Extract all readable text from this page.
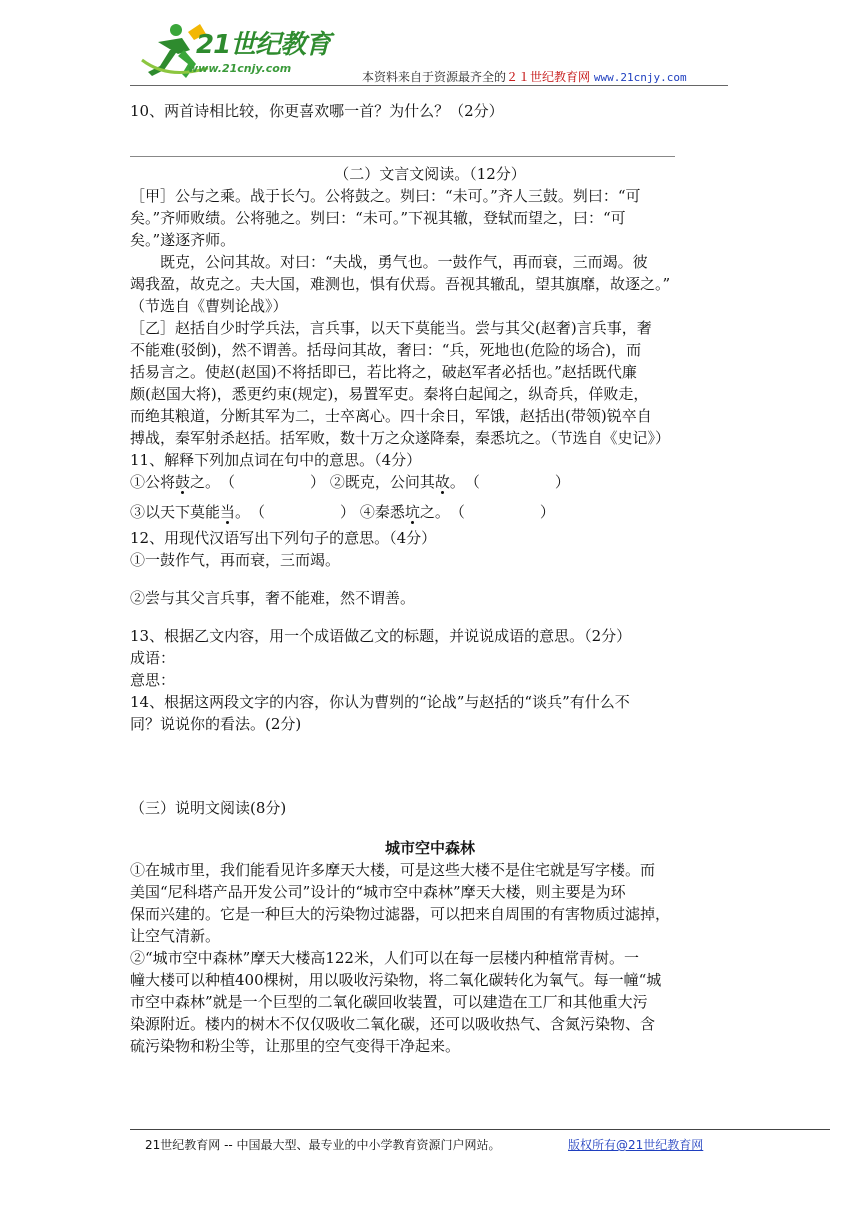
21世纪教育
www.21cnjy.com
本资料来自于资源最齐全的２１世纪教育网 www.21cnjy.com
10、两首诗相比较，你更喜欢哪一首？为什么？（2分）
（二）文言文阅读。（12分）
［甲］公与之乘。战于长勺。公将鼓之。刿曰：“未可。”齐人三鼓。刿曰：“可
矣。”齐师败绩。公将驰之。刿曰：“未可。”下视其辙，登轼而望之，曰：“可
矣。”遂逐齐师。
既克，公问其故。对曰：“夫战，勇气也。一鼓作气，再而衰，三而竭。彼
竭我盈，故克之。夫大国，难测也，惧有伏焉。吾视其辙乱，望其旗靡，故逐之。”
（节选自《曹刿论战》）
［乙］赵括自少时学兵法，言兵事，以天下莫能当。尝与其父(赵奢)言兵事，奢
不能难(驳倒)，然不谓善。括母问其故，奢曰：“兵，死地也(危险的场合)，而
括易言之。使赵(赵国)不将括即已，若比将之，破赵军者必括也。”赵括既代廉
颇(赵国大将)，悉更约束(规定)，易置军吏。秦将白起闻之，纵奇兵，佯败走，
而绝其粮道，分断其军为二，士卒离心。四十余日，军饿，赵括出(带领)锐卒自
搏战，秦军射杀赵括。括军败，数十万之众遂降秦，秦悉坑之。（节选自《史记》）
11、解释下列加点词在句中的意思。（4分）
①公将鼓之。　（　　　　　） ②既克，公问其故。　（　　　　　）
③以天下莫能当。　（　　　　　） ④秦悉坑之。　（　　　　　）
12、用现代汉语写出下列句子的意思。（4分）
①一鼓作气，再而衰，三而竭。
②尝与其父言兵事，奢不能难，然不谓善。
13、根据乙文内容，用一个成语做乙文的标题，并说说成语的意思。（2分）
成语：
意思：
14、根据这两段文字的内容，你认为曹刿的“论战”与赵括的“谈兵”有什么不
同？说说你的看法。(2分)
（三）说明文阅读(8分)
城市空中森林
①在城市里，我们能看见许多摩天大楼，可是这些大楼不是住宅就是写字楼。而
美国“尼科塔产品开发公司”设计的“城市空中森林”摩天大楼，则主要是为环
保而兴建的。它是一种巨大的污染物过滤器，可以把来自周围的有害物质过滤掉，
让空气清新。
②“城市空中森林”摩天大楼高122米，人们可以在每一层楼内种植常青树。一
幢大楼可以种植400棵树，用以吸收污染物，将二氧化碳转化为氧气。每一幢“城
市空中森林”就是一个巨型的二氧化碳回收装置，可以建造在工厂和其他重大污
染源附近。楼内的树木不仅仅吸收二氧化碳，还可以吸收热气、含氮污染物、含
硫污染物和粉尘等，让那里的空气变得干净起来。
21世纪教育网 -- 中国最大型、最专业的中小学教育资源门户网站。	版权所有@21世纪教育网
